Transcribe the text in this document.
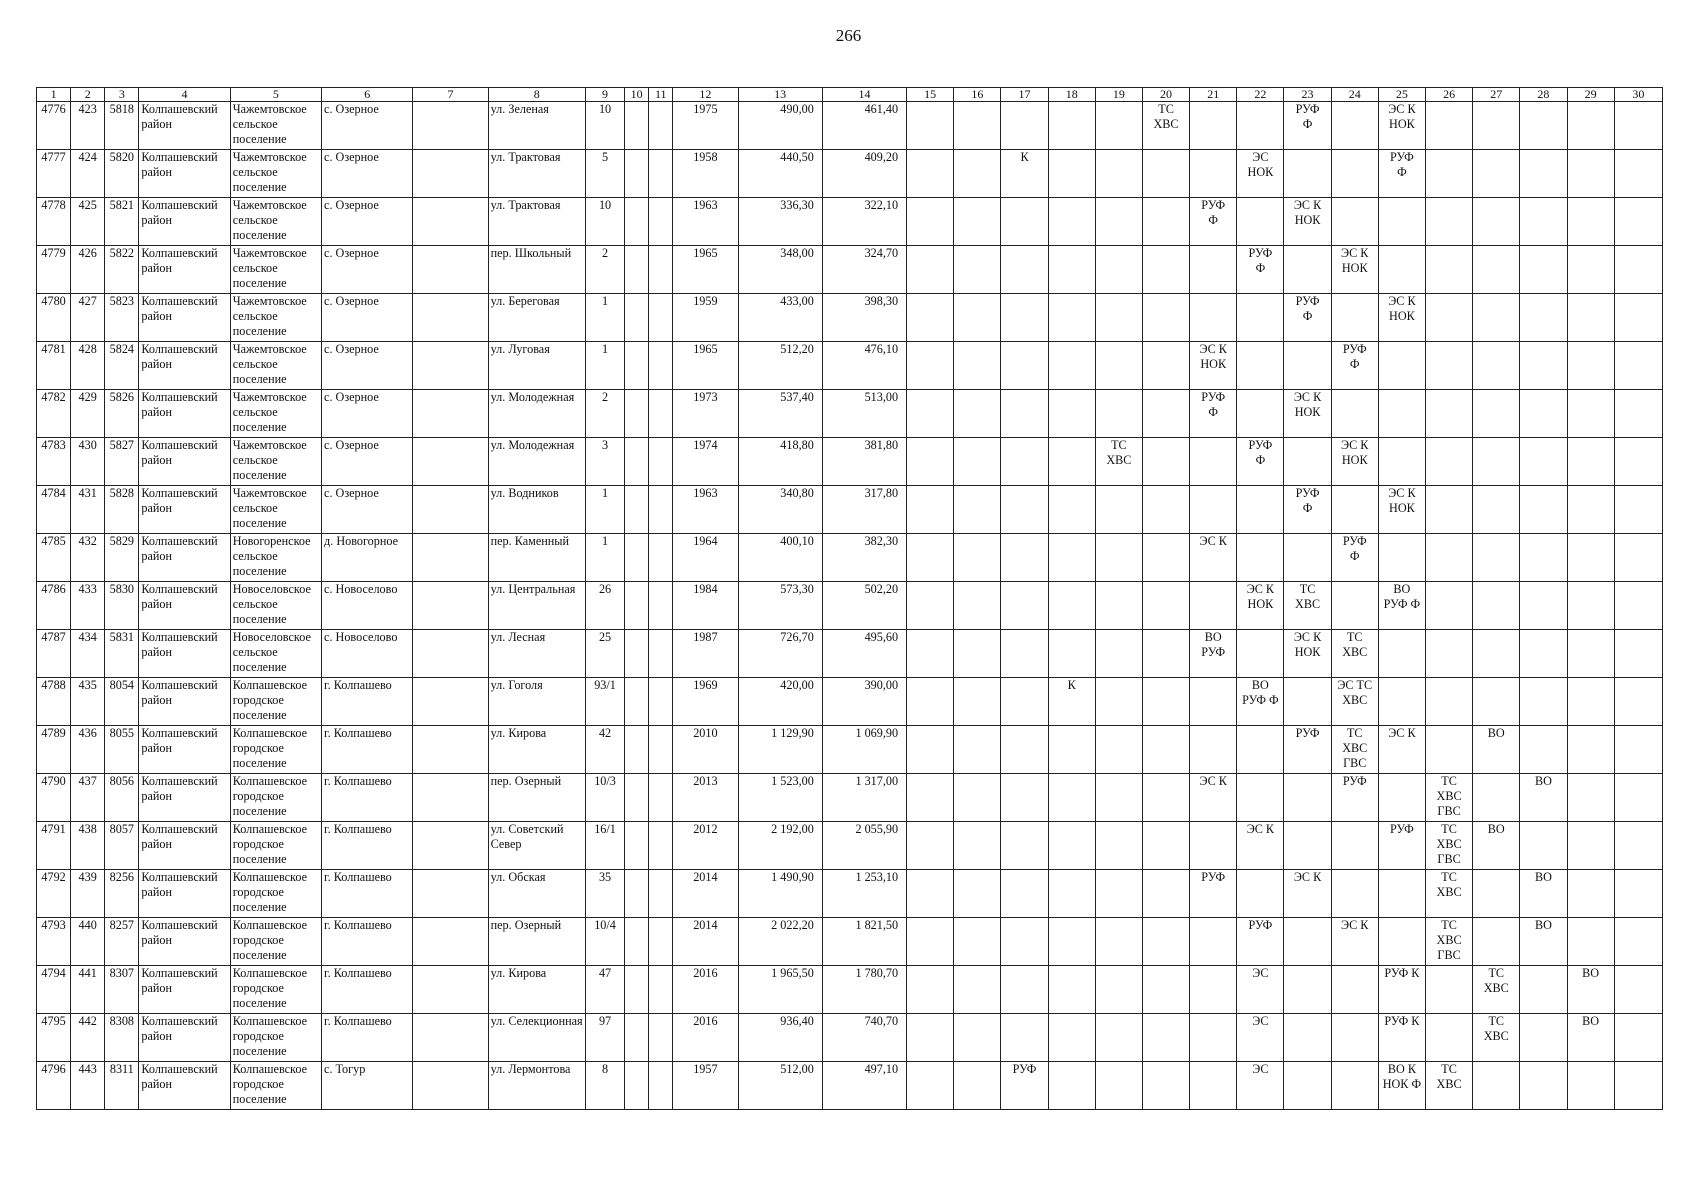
266
1	2	3	4	5	6	7	8	9	10	11	12	13	14	15	16	17	18	19	20	21	22	23	24	25	26	27	28	29	30
4776	423	5818	Колпашевский район	Чажемтовское сельское поселение	с. Озерное		ул. Зеленая	10			1975	490,00	461,40						ТС
ХВС			РУФ
Ф		ЭС К
НОК					
4777	424	5820	Колпашевский район	Чажемтовское сельское поселение	с. Озерное		ул. Трактовая	5			1958	440,50	409,20			К					ЭС
НОК			РУФ
Ф					
4778	425	5821	Колпашевский район	Чажемтовское сельское поселение	с. Озерное		ул. Трактовая	10			1963	336,30	322,10							РУФ
Ф		ЭС К
НОК							
4779	426	5822	Колпашевский район	Чажемтовское сельское поселение	с. Озерное		пер. Школьный	2			1965	348,00	324,70								РУФ
Ф		ЭС К
НОК						
4780	427	5823	Колпашевский район	Чажемтовское сельское поселение	с. Озерное		ул. Береговая	1			1959	433,00	398,30									РУФ
Ф		ЭС К
НОК					
4781	428	5824	Колпашевский район	Чажемтовское сельское поселение	с. Озерное		ул. Луговая	1			1965	512,20	476,10							ЭС К
НОК			РУФ
Ф						
4782	429	5826	Колпашевский район	Чажемтовское сельское поселение	с. Озерное		ул. Молодежная	2			1973	537,40	513,00							РУФ
Ф		ЭС К
НОК							
4783	430	5827	Колпашевский район	Чажемтовское сельское поселение	с. Озерное		ул. Молодежная	3			1974	418,80	381,80					ТС
ХВС			РУФ
Ф		ЭС К
НОК						
4784	431	5828	Колпашевский район	Чажемтовское сельское поселение	с. Озерное		ул. Водников	1			1963	340,80	317,80									РУФ
Ф		ЭС К
НОК					
4785	432	5829	Колпашевский район	Новогоренское сельское поселение	д. Новогорное		пер. Каменный	1			1964	400,10	382,30							ЭС К			РУФ
Ф						
4786	433	5830	Колпашевский район	Новоселовское сельское поселение	с. Новоселово		ул. Центральная	26			1984	573,30	502,20								ЭС К
НОК	ТС
ХВС		ВО
РУФ Ф					
4787	434	5831	Колпашевский район	Новоселовское сельское поселение	с. Новоселово		ул. Лесная	25			1987	726,70	495,60							ВО
РУФ		ЭС К
НОК	ТС
ХВС						
4788	435	8054	Колпашевский район	Колпашевское городское поселение	г. Колпашево		ул. Гоголя	93/1			1969	420,00	390,00				К				ВО
РУФ Ф		ЭС ТС
ХВС						
4789	436	8055	Колпашевский район	Колпашевское городское поселение	г. Колпашево		ул. Кирова	42			2010	1 129,90	1 069,90									РУФ	ТС
ХВС
ГВС	ЭС К		ВО			
4790	437	8056	Колпашевский район	Колпашевское городское поселение	г. Колпашево		пер. Озерный	10/3			2013	1 523,00	1 317,00							ЭС К			РУФ		ТС
ХВС
ГВС		ВО		
4791	438	8057	Колпашевский район	Колпашевское городское поселение	г. Колпашево		ул. Советский Север	16/1			2012	2 192,00	2 055,90								ЭС К			РУФ	ТС
ХВС
ГВС	ВО			
4792	439	8256	Колпашевский район	Колпашевское городское поселение	г. Колпашево		ул. Обская	35			2014	1 490,90	1 253,10							РУФ		ЭС К			ТС
ХВС		ВО		
4793	440	8257	Колпашевский район	Колпашевское городское поселение	г. Колпашево		пер. Озерный	10/4			2014	2 022,20	1 821,50								РУФ		ЭС К		ТС
ХВС
ГВС		ВО		
4794	441	8307	Колпашевский район	Колпашевское городское поселение	г. Колпашево		ул. Кирова	47			2016	1 965,50	1 780,70								ЭС			РУФ К		ТС
ХВС		ВО	
4795	442	8308	Колпашевский район	Колпашевское городское поселение	г. Колпашево		ул. Селекционная	97			2016	936,40	740,70								ЭС			РУФ К		ТС
ХВС		ВО	
4796	443	8311	Колпашевский район	Колпашевское городское поселение	с. Тогур		ул. Лермонтова	8			1957	512,00	497,10			РУФ					ЭС			ВО К
НОК Ф	ТС
ХВС				
